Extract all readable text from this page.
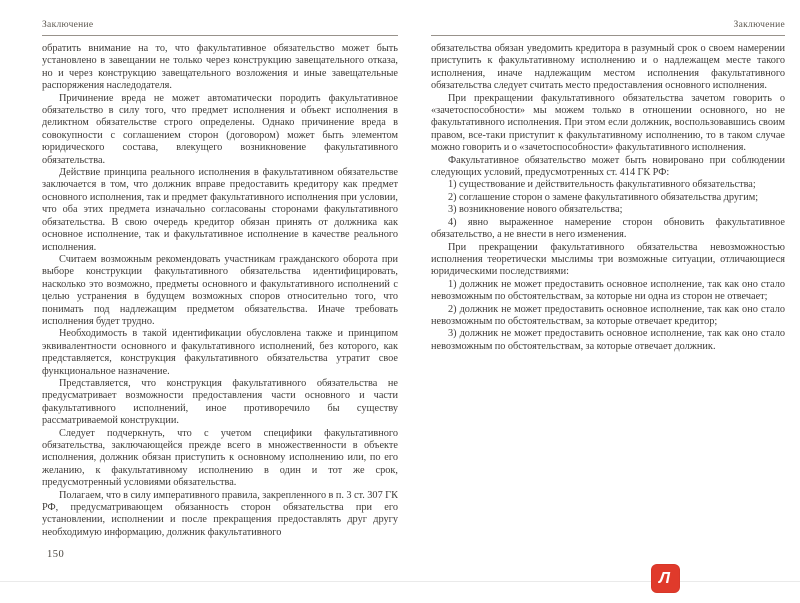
Заключение

обратить внимание на то, что факультативное обязательство может быть установлено в завещании не только через конструкцию завещательного отказа, но и через конструкцию завещательного возложения и иные завещательные распоряжения наследодателя.

Причинение вреда не может автоматически породить факультативное обязательство в силу того, что предмет исполнения и объект исполнения в деликтном обязательстве строго определены. Однако причинение вреда в совокупности с соглашением сторон (договором) может быть элементом юридического состава, влекущего возникновение факультативного обязательства.

Действие принципа реального исполнения в факультативном обязательстве заключается в том, что должник вправе предоставить кредитору как предмет основного исполнения, так и предмет факультативного исполнения при условии, что оба этих предмета изначально согласованы сторонами факультативного обязательства. В свою очередь кредитор обязан принять от должника как основное исполнение, так и факультативное исполнение в качестве реального исполнения.

Считаем возможным рекомендовать участникам гражданского оборота при выборе конструкции факультативного обязательства идентифицировать, насколько это возможно, предметы основного и факультативного исполнений с целью устранения в будущем возможных споров относительно того, что понимать под надлежащим предметом обязательства. Иначе требовать исполнения будет трудно.

Необходимость в такой идентификации обусловлена также и принципом эквивалентности основного и факультативного исполнений, без которого, как представляется, конструкция факультативного обязательства утратит свое функциональное назначение.

Представляется, что конструкция факультативного обязательства не предусматривает возможности предоставления части основного и части факультативного исполнений, иное противоречило бы существу рассматриваемой конструкции.

Следует подчеркнуть, что с учетом специфики факультативного обязательства, заключающейся прежде всего в множественности в объекте исполнения, должник обязан приступить к основному исполнению или, по его желанию, к факультативному исполнению в один и тот же срок, предусмотренный условиями обязательства.

Полагаем, что в силу императивного правила, закрепленного в п. 3 ст. 307 ГК РФ, предусматривающем обязанность сторон обязательства при его установлении, исполнении и после прекращения предоставлять друг другу необходимую информацию, должник факультативного

Заключение

обязательства обязан уведомить кредитора в разумный срок о своем намерении приступить к факультативному исполнению и о надлежащем месте такого исполнения, иначе надлежащим местом исполнения факультативного обязательства следует считать место предоставления основного исполнения.

При прекращении факультативного обязательства зачетом говорить о «зачетоспособности» мы можем только в отношении основного, но не факультативного исполнения. При этом если должник, воспользовавшись своим правом, все-таки приступит к факультативному исполнению, то в таком случае можно говорить и о «зачетоспособности» факультативного исполнения.

Факультативное обязательство может быть новировано при соблюдении следующих условий, предусмотренных ст. 414 ГК РФ:

1) существование и действительность факультативного обязательства;

2) соглашение сторон о замене факультативного обязательства другим;

3) возникновение нового обязательства;

4) явно выраженное намерение сторон обновить факультативное обязательство, а не внести в него изменения.

При прекращении факультативного обязательства невозможностью исполнения теоретически мыслимы три возможные ситуации, отличающиеся юридическими последствиями:

1) должник не может предоставить основное исполнение, так как оно стало невозможным по обстоятельствам, за которые ни одна из сторон не отвечает;

2) должник не может предоставить основное исполнение, так как оно стало невозможным по обстоятельствам, за которые отвечает кредитор;

3) должник не может предоставить основное исполнение, так как оно стало невозможным по обстоятельствам, за которые отвечает должник.

150
Л
